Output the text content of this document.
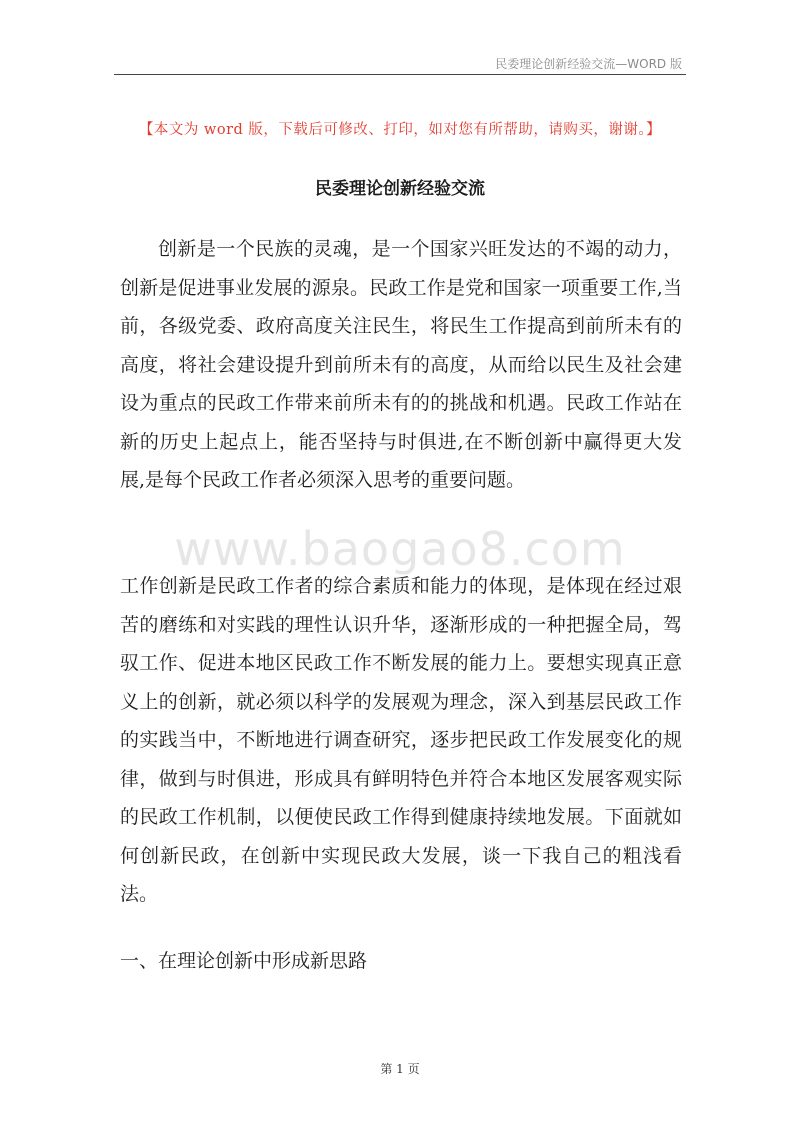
民委理论创新经验交流—WORD 版
【本文为 word 版，下载后可修改、打印，如对您有所帮助，请购买，谢谢。】
民委理论创新经验交流
创新是一个民族的灵魂，是一个国家兴旺发达的不竭的动力，创新是促进事业发展的源泉。民政工作是党和国家一项重要工作,当前，各级党委、政府高度关注民生，将民生工作提高到前所未有的高度，将社会建设提升到前所未有的高度，从而给以民生及社会建设为重点的民政工作带来前所未有的的挑战和机遇。民政工作站在新的历史上起点上，能否坚持与时俱进,在不断创新中赢得更大发展,是每个民政工作者必须深入思考的重要问题。
www.baogao8.com
工作创新是民政工作者的综合素质和能力的体现，是体现在经过艰苦的磨练和对实践的理性认识升华，逐渐形成的一种把握全局，驾驭工作、促进本地区民政工作不断发展的能力上。要想实现真正意义上的创新，就必须以科学的发展观为理念，深入到基层民政工作的实践当中，不断地进行调查研究，逐步把民政工作发展变化的规律，做到与时俱进，形成具有鲜明特色并符合本地区发展客观实际的民政工作机制，以便使民政工作得到健康持续地发展。下面就如何创新民政，在创新中实现民政大发展，谈一下我自己的粗浅看法。
一、在理论创新中形成新思路
第 1 页
